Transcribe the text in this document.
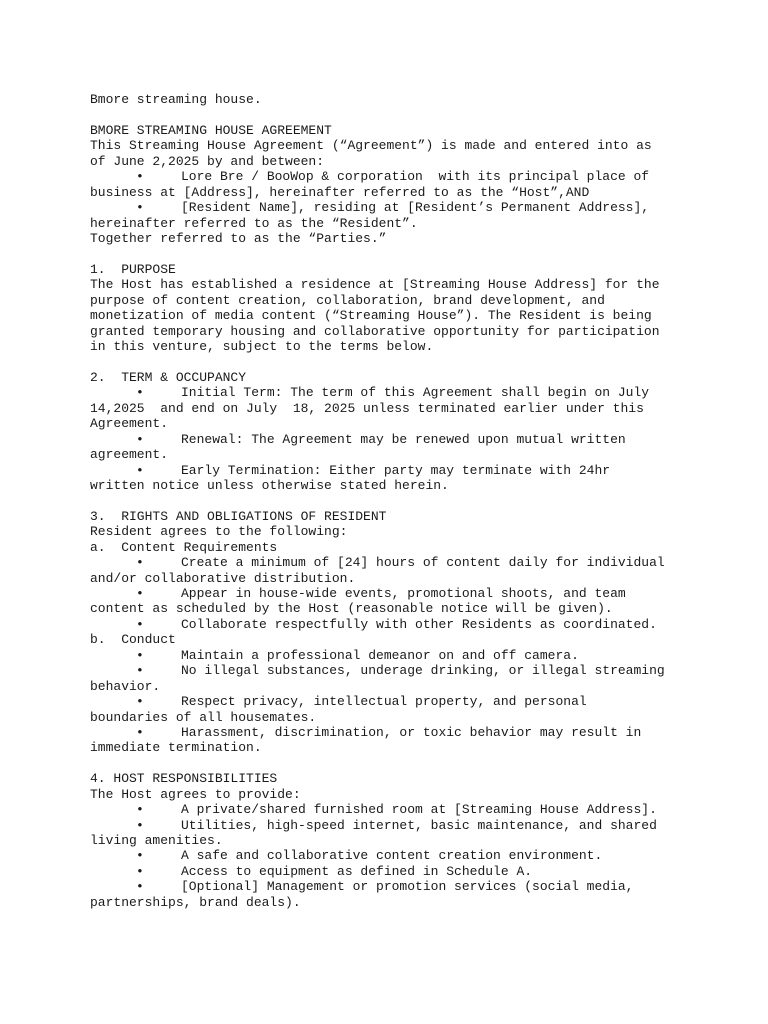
Bmore streaming house.
BMORE STREAMING HOUSE AGREEMENT
This Streaming House Agreement (“Agreement”) is made and entered into as
of June 2,2025 by and between:
• Lore Bre / BooWop & corporation  with its principal place of
business at [Address], hereinafter referred to as the “Host”,AND
• [Resident Name], residing at [Resident’s Permanent Address],
hereinafter referred to as the “Resident”.
Together referred to as the “Parties.”
1.  PURPOSE
The Host has established a residence at [Streaming House Address] for the
purpose of content creation, collaboration, brand development, and
monetization of media content (“Streaming House”). The Resident is being
granted temporary housing and collaborative opportunity for participation
in this venture, subject to the terms below.
2.  TERM & OCCUPANCY
• Initial Term: The term of this Agreement shall begin on July
14,2025  and end on July  18, 2025 unless terminated earlier under this
Agreement.
• Renewal: The Agreement may be renewed upon mutual written
agreement.
• Early Termination: Either party may terminate with 24hr
written notice unless otherwise stated herein.
3.  RIGHTS AND OBLIGATIONS OF RESIDENT
Resident agrees to the following:
a.  Content Requirements
• Create a minimum of [24] hours of content daily for individual
and/or collaborative distribution.
• Appear in house-wide events, promotional shoots, and team
content as scheduled by the Host (reasonable notice will be given).
• Collaborate respectfully with other Residents as coordinated.
b.  Conduct
• Maintain a professional demeanor on and off camera.
• No illegal substances, underage drinking, or illegal streaming
behavior.
• Respect privacy, intellectual property, and personal
boundaries of all housemates.
• Harassment, discrimination, or toxic behavior may result in
immediate termination.
4. HOST RESPONSIBILITIES
The Host agrees to provide:
• A private/shared furnished room at [Streaming House Address].
• Utilities, high-speed internet, basic maintenance, and shared
living amenities.
• A safe and collaborative content creation environment.
• Access to equipment as defined in Schedule A.
• [Optional] Management or promotion services (social media,
partnerships, brand deals).
